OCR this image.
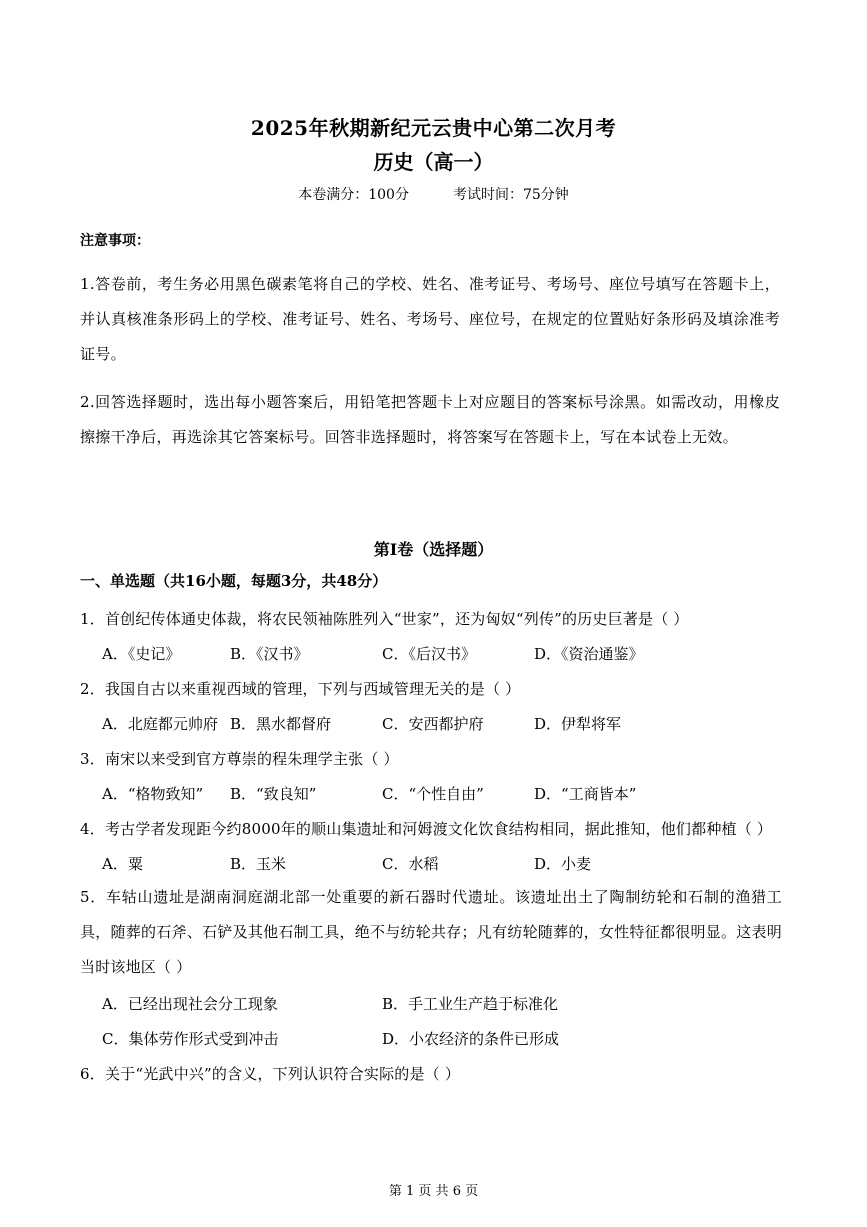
2025年秋期新纪元云贵中心第二次月考
历史（高一）
本卷满分：100分	考试时间：75分钟
注意事项：
1.答卷前，考生务必用黑色碳素笔将自己的学校、姓名、准考证号、考场号、座位号填写在答题卡上，并认真核准条形码上的学校、准考证号、姓名、考场号、座位号，在规定的位置贴好条形码及填涂准考证号。
2.回答选择题时，选出每小题答案后，用铅笔把答题卡上对应题目的答案标号涂黑。如需改动，用橡皮擦擦干净后，再选涂其它答案标号。回答非选择题时，将答案写在答题卡上，写在本试卷上无效。
第Ⅰ卷（选择题）
一、单选题（共16小题，每题3分，共48分）
1．首创纪传体通史体裁，将农民领袖陈胜列入“世家”，还为匈奴“列传”的历史巨著是（ ）
A．《史记》	B．《汉书》	C．《后汉书》	D．《资治通鉴》
2．我国自古以来重视西域的管理，下列与西域管理无关的是（ ）
A．北庭都元帅府 B．黑水都督府	C．安西都护府	D．伊犁将军
3．南宋以来受到官方尊崇的程朱理学主张（ ）
A．“格物致知” B．“致良知”	C．“个性自由”	D．“工商皆本”
4．考古学者发现距今约8000年的顺山集遗址和河姆渡文化饮食结构相同，据此推知，他们都种植（ ）
A．粟	B．玉米	C．水稻	D．小麦
5．车轱山遗址是湖南洞庭湖北部一处重要的新石器时代遗址。该遗址出土了陶制纺轮和石制的渔猎工具，随葬的石斧、石铲及其他石制工具，绝不与纺轮共存；凡有纺轮随葬的，女性特征都很明显。这表明当时该地区（ ）
A．已经出现社会分工现象	B．手工业生产趋于标准化
C．集体劳作形式受到冲击	D．小农经济的条件已形成
6．关于“光武中兴”的含义，下列认识符合实际的是（ ）
第 1 页 共 6 页
